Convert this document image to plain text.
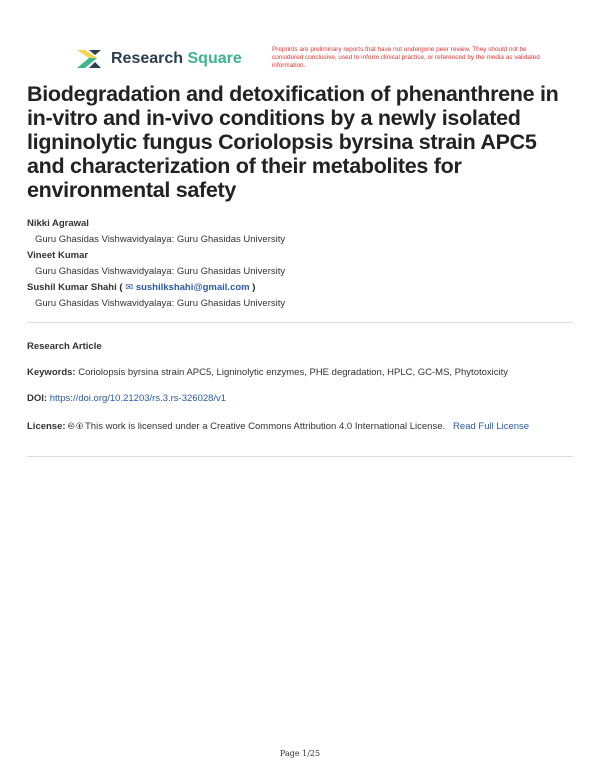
Research Square
Preprints are preliminary reports that have not undergone peer review. They should not be considered conclusive, used to inform clinical practice, or referenced by the media as validated information.
Biodegradation and detoxification of phenanthrene in in-vitro and in-vivo conditions by a newly isolated ligninolytic fungus Coriolopsis byrsina strain APC5 and characterization of their metabolites for environmental safety
Nikki Agrawal
Guru Ghasidas Vishwavidyalaya: Guru Ghasidas University
Vineet Kumar
Guru Ghasidas Vishwavidyalaya: Guru Ghasidas University
Sushil Kumar Shahi ( ✉ sushilkshahi@gmail.com )
Guru Ghasidas Vishwavidyalaya: Guru Ghasidas University
Research Article
Keywords: Coriolopsis byrsina strain APC5, Ligninolytic enzymes, PHE degradation, HPLC, GC-MS, Phytotoxicity
DOI: https://doi.org/10.21203/rs.3.rs-326028/v1
License: 🅭 🅯 This work is licensed under a Creative Commons Attribution 4.0 International License. Read Full License
Page 1/25
